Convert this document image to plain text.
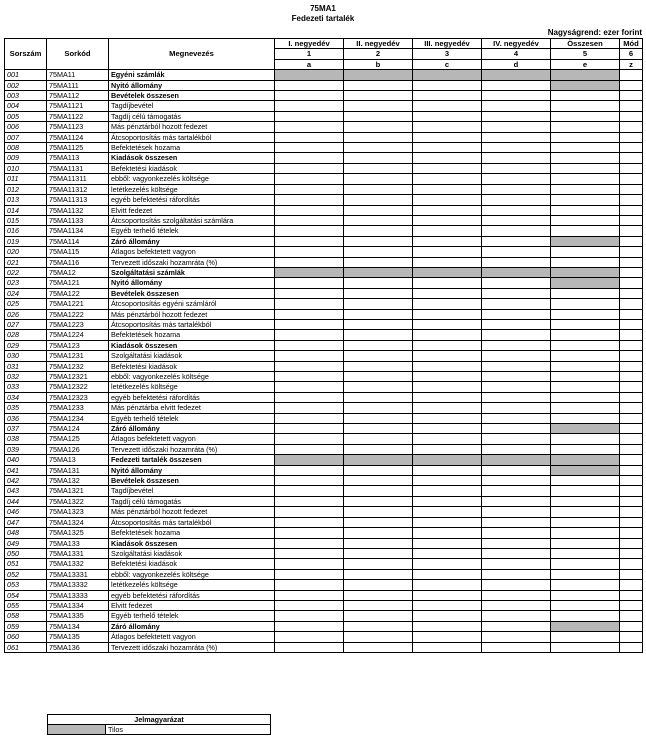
75MA1
Fedezeti tartalék
Nagyságrend: ezer forint
Sorszám	Sorkód	Megnevezés	I. negyedév	II. negyedév	III. negyedév	IV. negyedév	Összesen	Mód
			1	2	3	4	5	6
			a	b	c	d	e	z
001	75MA11	Egyéni számlák						
002	75MA111	Nyitó állomány						
003	75MA112	Bevételek összesen						
004	75MA1121	Tagdíjbevétel						
005	75MA1122	Tagdíj célú támogatás						
006	75MA1123	Más pénztárból hozott fedezet						
007	75MA1124	Átcsoportosítás más tartalékból						
008	75MA1125	Befektetések hozama						
009	75MA113	Kiadások összesen						
010	75MA1131	Befektetési kiadások						
011	75MA11311	ebből: vagyonkezelés költsége						
012	75MA11312	letétkezelés költsége						
013	75MA11313	egyéb befektetési ráfordítás						
014	75MA1132	Elvitt fedezet						
015	75MA1133	Átcsoportosítás szolgáltatási számlára						
016	75MA1134	Egyéb terhelő tételek						
019	75MA114	Záró állomány						
020	75MA115	Átlagos befektetett vagyon						
021	75MA116	Tervezett időszaki hozamráta (%)						
022	75MA12	Szolgáltatási számlák						
023	75MA121	Nyitó állomány						
024	75MA122	Bevételek összesen						
025	75MA1221	Átcsoportosítás egyéni számláról						
026	75MA1222	Más pénztárból hozott fedezet						
027	75MA1223	Átcsoportosítás más tartalékból						
028	75MA1224	Befektetések hozama						
029	75MA123	Kiadások összesen						
030	75MA1231	Szolgáltatási kiadások						
031	75MA1232	Befektetési kiadások						
032	75MA12321	ebből: vagyonkezelés költsége						
033	75MA12322	letétkezelés költsége						
034	75MA12323	egyéb befektetési ráfordítás						
035	75MA1233	Más pénztárba elvitt fedezet						
036	75MA1234	Egyéb terhelő tételek						
037	75MA124	Záró állomány						
038	75MA125	Átlagos befektetett vagyon						
039	75MA126	Tervezett időszaki hozamráta (%)						
040	75MA13	Fedezeti tartalék összesen						
041	75MA131	Nyitó állomány						
042	75MA132	Bevételek összesen						
043	75MA1321	Tagdíjbevétel						
044	75MA1322	Tagdíj célú támogatás						
046	75MA1323	Más pénztárból hozott fedezet						
047	75MA1324	Átcsoportosítás más tartalékból						
048	75MA1325	Befektetések hozama						
049	75MA133	Kiadások összesen						
050	75MA1331	Szolgáltatási kiadások						
051	75MA1332	Befektetési kiadások						
052	75MA13331	ebből: vagyonkezelés költsége						
053	75MA13332	letétkezelés költsége						
054	75MA13333	egyéb befektetési ráfordítás						
055	75MA1334	Elvitt fedezet						
058	75MA1335	Egyéb terhelő tételek						
059	75MA134	Záró állomány						
060	75MA135	Átlagos befektetett vagyon						
061	75MA136	Tervezett időszaki hozamráta (%)						
Jelmagyarázat
	Tilos
